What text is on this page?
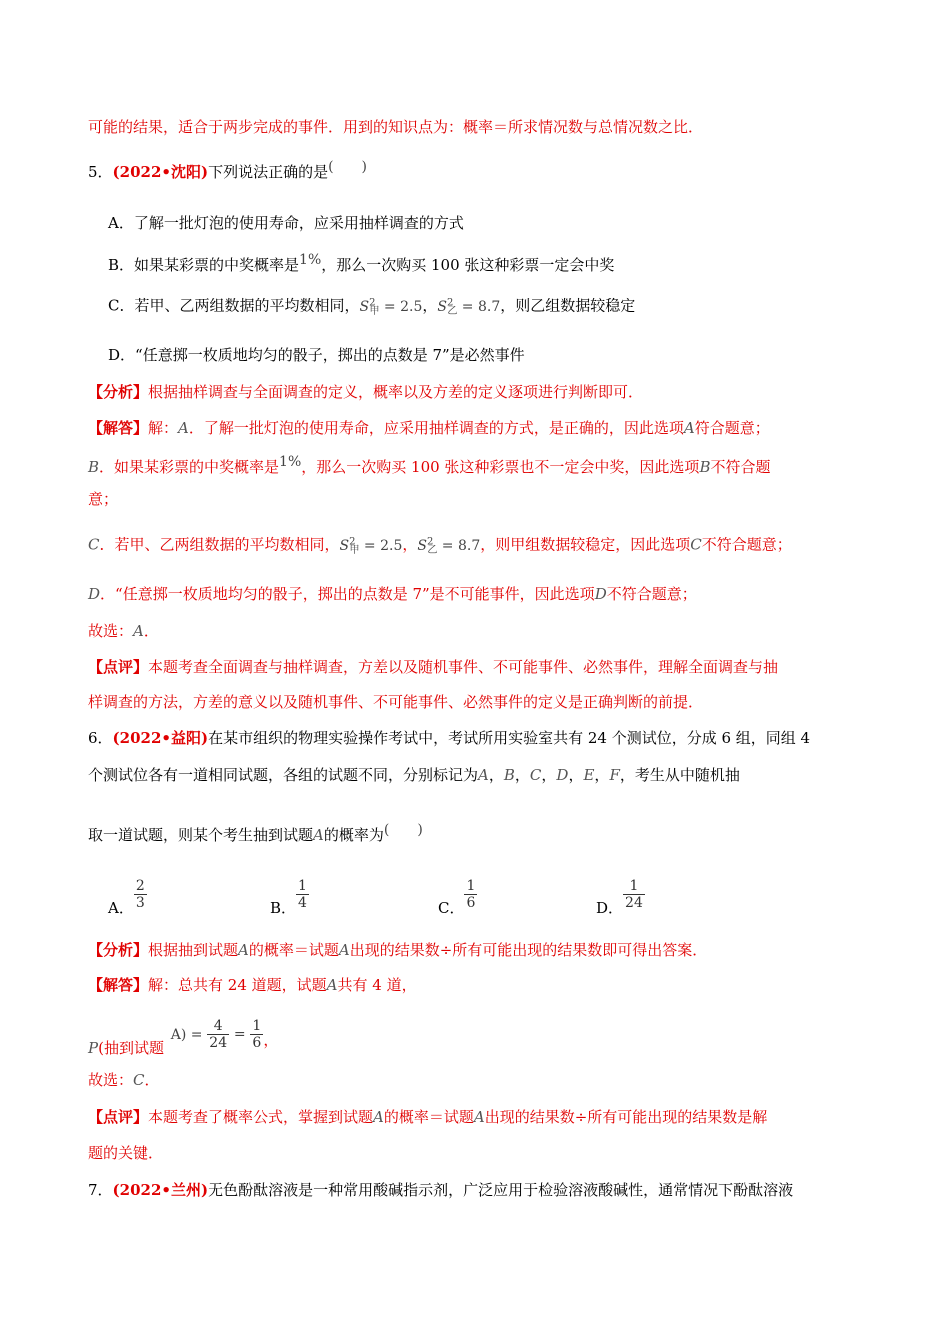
可能的结果，适合于两步完成的事件．用到的知识点为：概率＝所求情况数与总情况数之比．
5．(2022•沈阳)下列说法正确的是(　　)
A．了解一批灯泡的使用寿命，应采用抽样调查的方式
B．如果某彩票的中奖概率是1%，那么一次购买 100 张这种彩票一定会中奖
C．若甲、乙两组数据的平均数相同，$S^2_甲 = 2.5$，$S^2_乙 = 8.7$，则乙组数据较稳定
D．“任意掷一枚质地均匀的骰子，掷出的点数是 7”是必然事件
【分析】根据抽样调查与全面调查的定义，概率以及方差的定义逐项进行判断即可．
【解答】解：A．了解一批灯泡的使用寿命，应采用抽样调查的方式，是正确的，因此选项A符合题意；
B．如果某彩票的中奖概率是1%，那么一次购买 100 张这种彩票也不一定会中奖，因此选项B不符合题
意；
C．若甲、乙两组数据的平均数相同，$S^2_甲 = 2.5$，$S^2_乙 = 8.7$，则甲组数据较稳定，因此选项C不符合题意；
D．“任意掷一枚质地均匀的骰子，掷出的点数是 7”是不可能事件，因此选项D不符合题意；
故选：A．
【点评】本题考查全面调查与抽样调查，方差以及随机事件、不可能事件、必然事件，理解全面调查与抽
样调查的方法，方差的意义以及随机事件、不可能事件、必然事件的定义是正确判断的前提．
6．(2022•益阳)在某市组织的物理实验操作考试中，考试所用实验室共有 24 个测试位，分成 6 组，同组 4
个测试位各有一道相同试题，各组的试题不同，分别标记为A，B，C，D，E，F，考生从中随机抽
取一道试题，则某个考生抽到试题A的概率为(　　)
A． $\frac{2}{3}$	B． $\frac{1}{4}$	C． $\frac{1}{6}$	D． $\frac{1}{24}$
【分析】根据抽到试题A的概率＝试题A出现的结果数÷所有可能出现的结果数即可得出答案．
【解答】解：总共有 24 道题，试题A共有 4 道，
P(抽到试题 $A) = \frac{4}{24} = \frac{1}{6}$ ，
故选：C．
【点评】本题考查了概率公式，掌握到试题A的概率＝试题A出现的结果数÷所有可能出现的结果数是解
题的关键．
7．(2022•兰州)无色酚酞溶液是一种常用酸碱指示剂，广泛应用于检验溶液酸碱性，通常情况下酚酞溶液
